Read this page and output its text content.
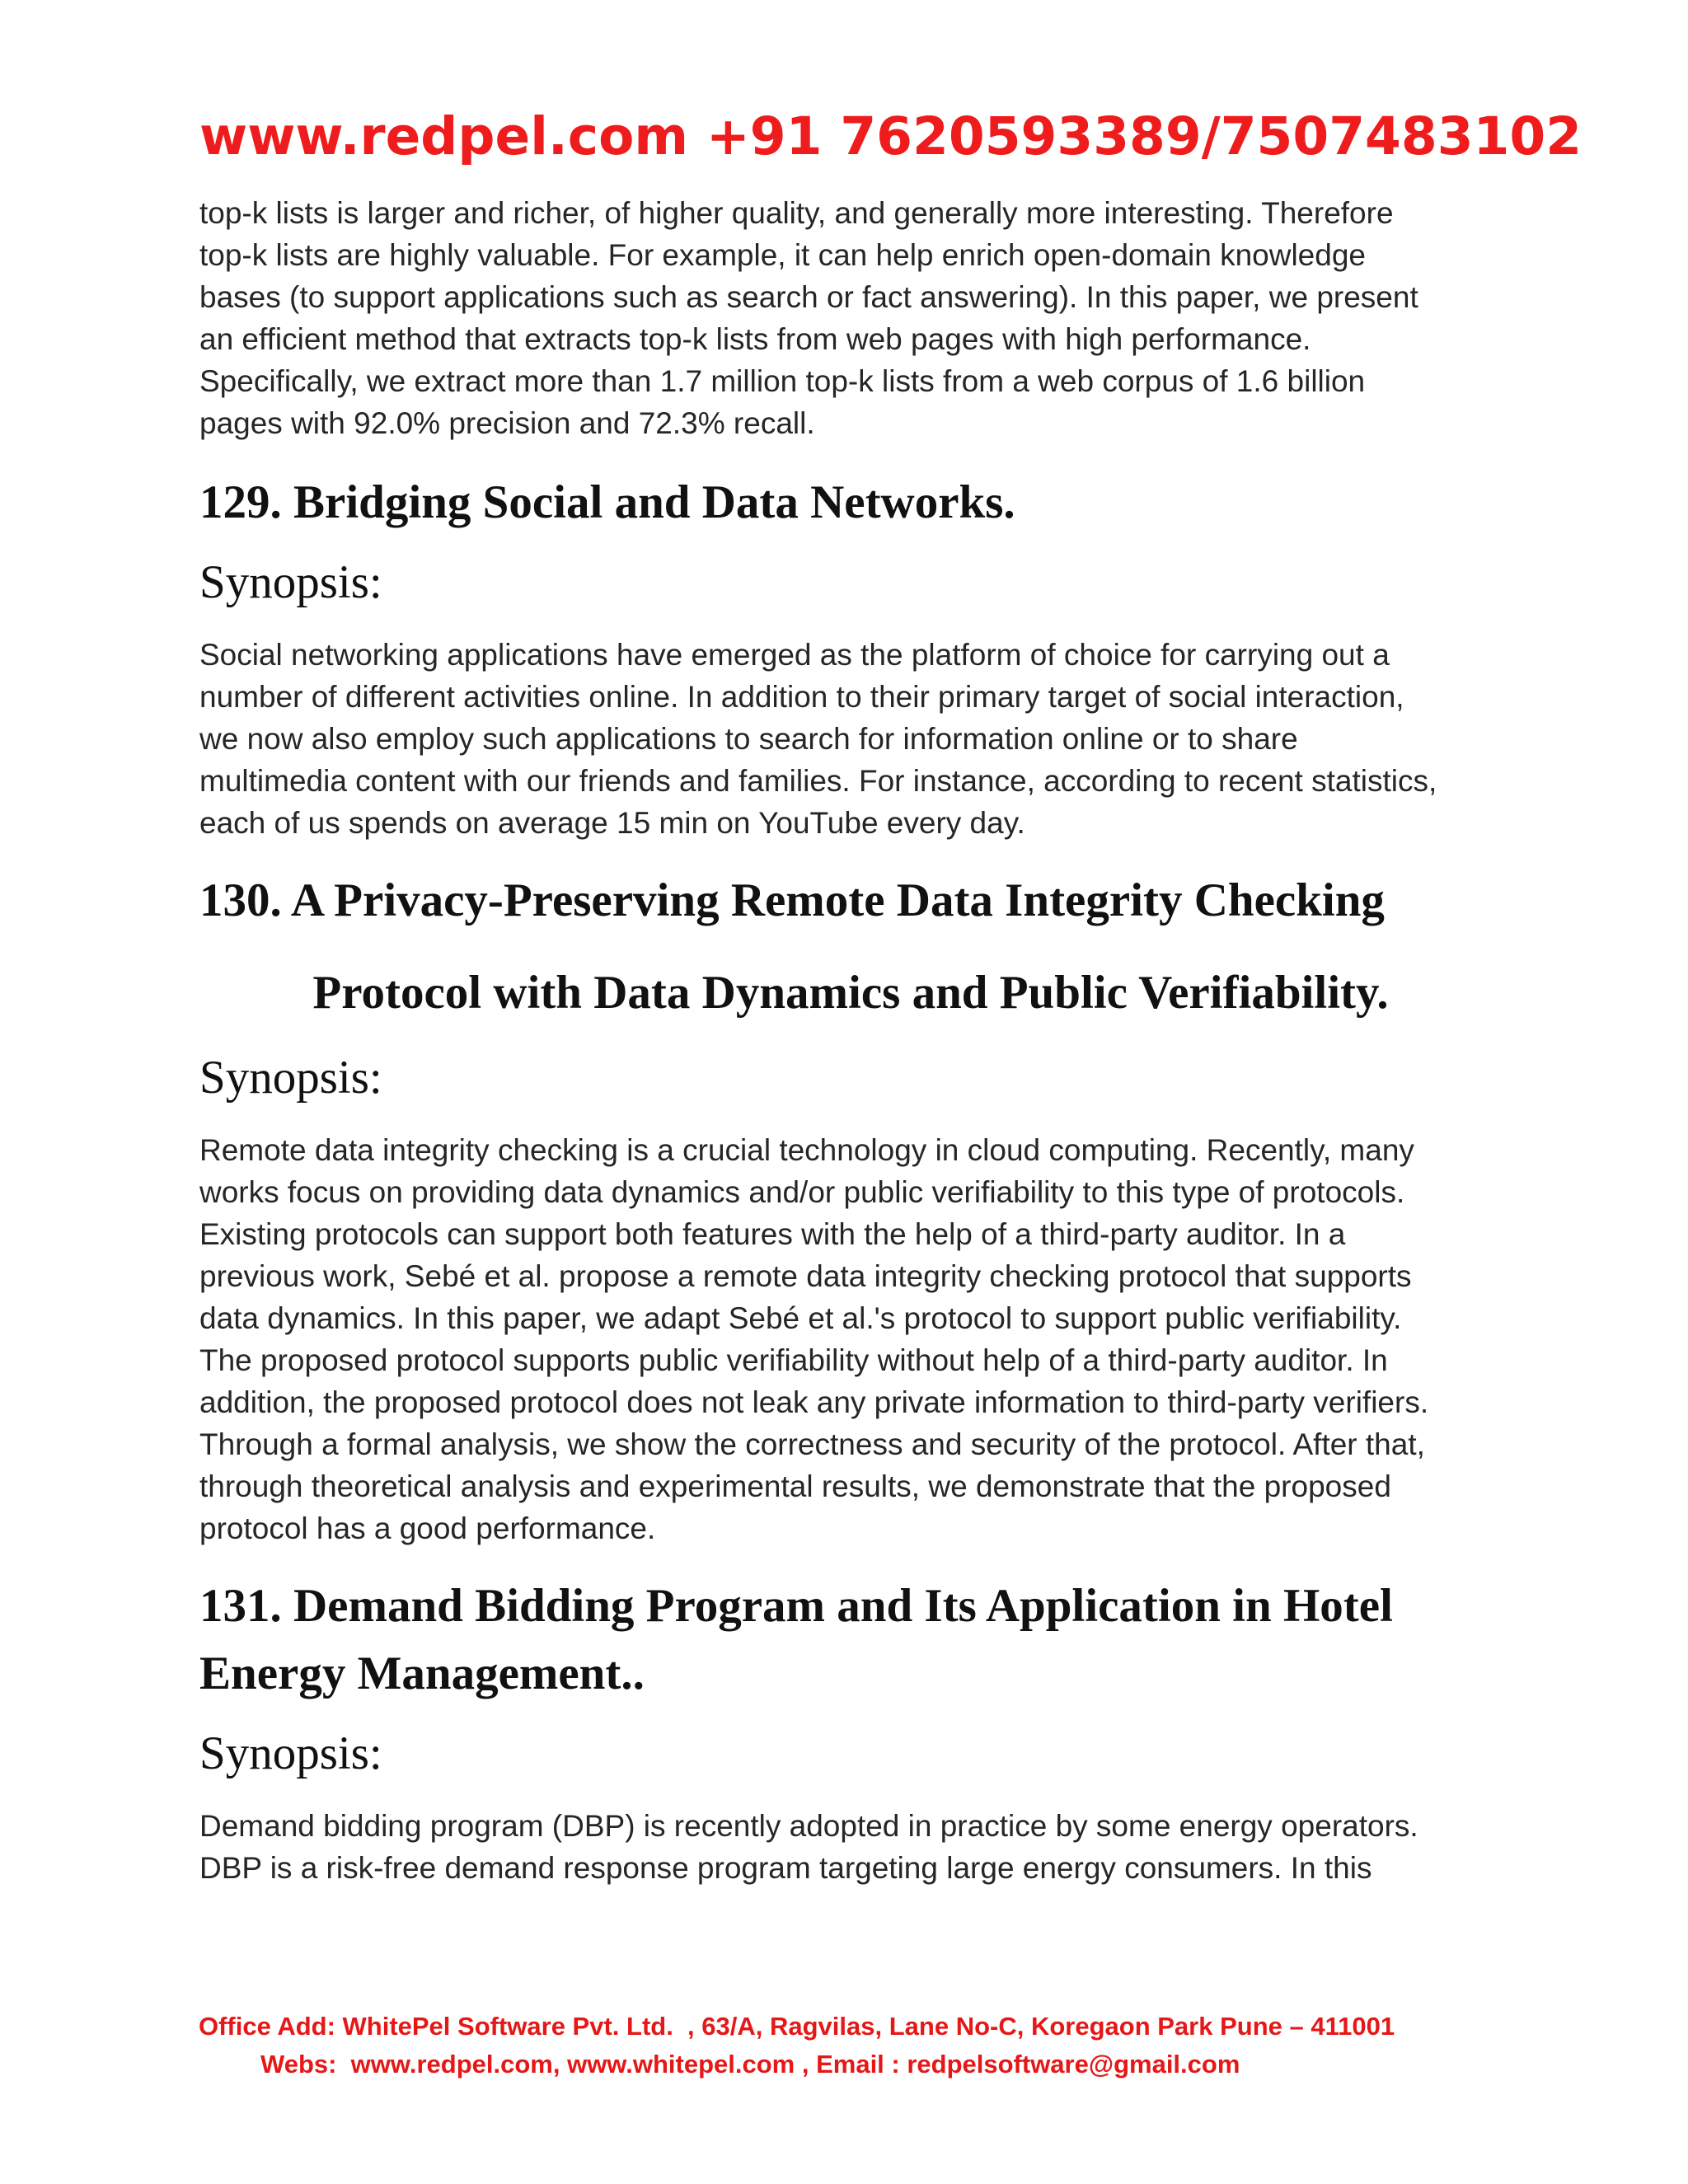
www.redpel.com +91 7620593389/7507483102

top-k lists is larger and richer, of higher quality, and generally more interesting. Therefore
top-k lists are highly valuable. For example, it can help enrich open-domain knowledge
bases (to support applications such as search or fact answering). In this paper, we present
an efficient method that extracts top-k lists from web pages with high performance.
Specifically, we extract more than 1.7 million top-k lists from a web corpus of 1.6 billion
pages with 92.0% precision and 72.3% recall.

129. Bridging Social and Data Networks.
Synopsis:

Social networking applications have emerged as the platform of choice for carrying out a
number of different activities online. In addition to their primary target of social interaction,
we now also employ such applications to search for information online or to share
multimedia content with our friends and families. For instance, according to recent statistics,
each of us spends on average 15 min on YouTube every day.

130. A Privacy-Preserving Remote Data Integrity Checking
Protocol with Data Dynamics and Public Verifiability.
Synopsis:

Remote data integrity checking is a crucial technology in cloud computing. Recently, many
works focus on providing data dynamics and/or public verifiability to this type of protocols.
Existing protocols can support both features with the help of a third-party auditor. In a
previous work, Sebé et al. propose a remote data integrity checking protocol that supports
data dynamics. In this paper, we adapt Sebé et al.'s protocol to support public verifiability.
The proposed protocol supports public verifiability without help of a third-party auditor. In
addition, the proposed protocol does not leak any private information to third-party verifiers.
Through a formal analysis, we show the correctness and security of the protocol. After that,
through theoretical analysis and experimental results, we demonstrate that the proposed
protocol has a good performance.

131. Demand Bidding Program and Its Application in Hotel
Energy Management..
Synopsis:

Demand bidding program (DBP) is recently adopted in practice by some energy operators.
DBP is a risk-free demand response program targeting large energy consumers. In this

Office Add: WhitePel Software Pvt. Ltd.  , 63/A, Ragvilas, Lane No-C, Koregaon Park Pune – 411001
Webs:  www.redpel.com, www.whitepel.com , Email : redpelsoftware@gmail.com
